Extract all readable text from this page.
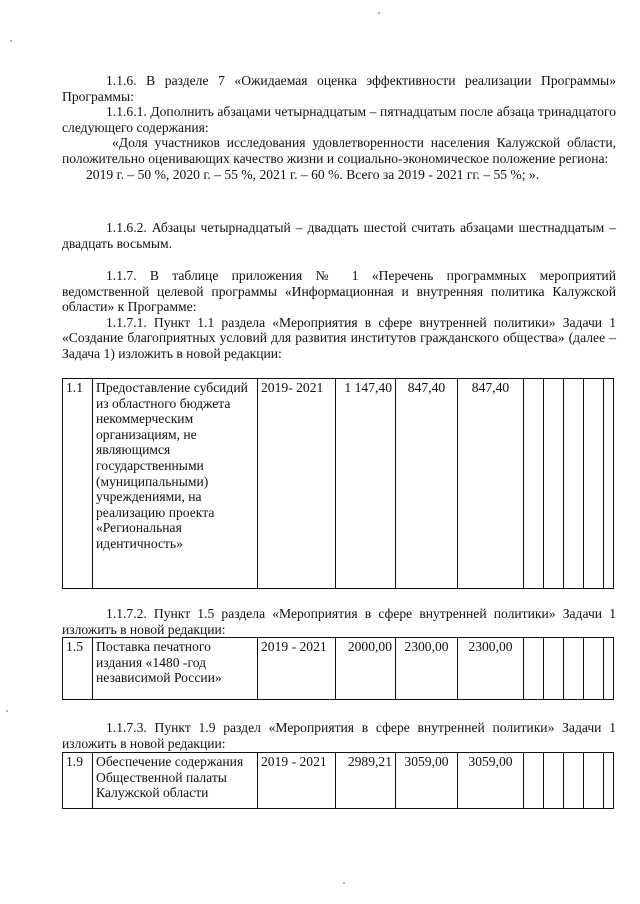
1.1.6. В разделе 7 «Ожидаемая оценка эффективности реализации Программы» Программы:

1.1.6.1. Дополнить абзацами четырнадцатым – пятнадцатым после абзаца тринадцатого следующего содержания:

«Доля участников исследования удовлетворенности населения Калужской области, положительно оценивающих качество жизни и социально-экономическое положение региона:

2019 г. – 50 %, 2020 г. – 55 %, 2021 г. – 60 %. Всего за 2019 - 2021 гг. – 55 %; ».

1.1.6.2. Абзацы четырнадцатый – двадцать шестой считать абзацами шестнадцатым – двадцать восьмым.

1.1.7. В таблице приложения № 1 «Перечень программных мероприятий ведомственной целевой программы «Информационная и внутренняя политика Калужской области» к Программе:

1.1.7.1. Пункт 1.1 раздела «Мероприятия в сфере внутренней политики» Задачи 1 «Создание благоприятных условий для развития институтов гражданского общества» (далее – Задача 1) изложить в новой редакции:

1.1	Предоставление субсидий из областного бюджета некоммерческим организациям, не являющимся государственными (муниципальными) учреждениями, на реализацию проекта «Региональная идентичность»	2019- 2021	1 147,40	847,40	847,40					

1.1.7.2. Пункт 1.5 раздела «Мероприятия в сфере внутренней политики» Задачи 1 изложить в новой редакции:

1.5	Поставка печатного издания «1480 -год независимой России»	2019 - 2021	2000,00	2300,00	2300,00					

1.1.7.3. Пункт 1.9 раздел «Мероприятия в сфере внутренней политики» Задачи 1 изложить в новой редакции:

1.9	Обеспечение содержания Общественной палаты Калужской области	2019 - 2021	2989,21	3059,00	3059,00					
